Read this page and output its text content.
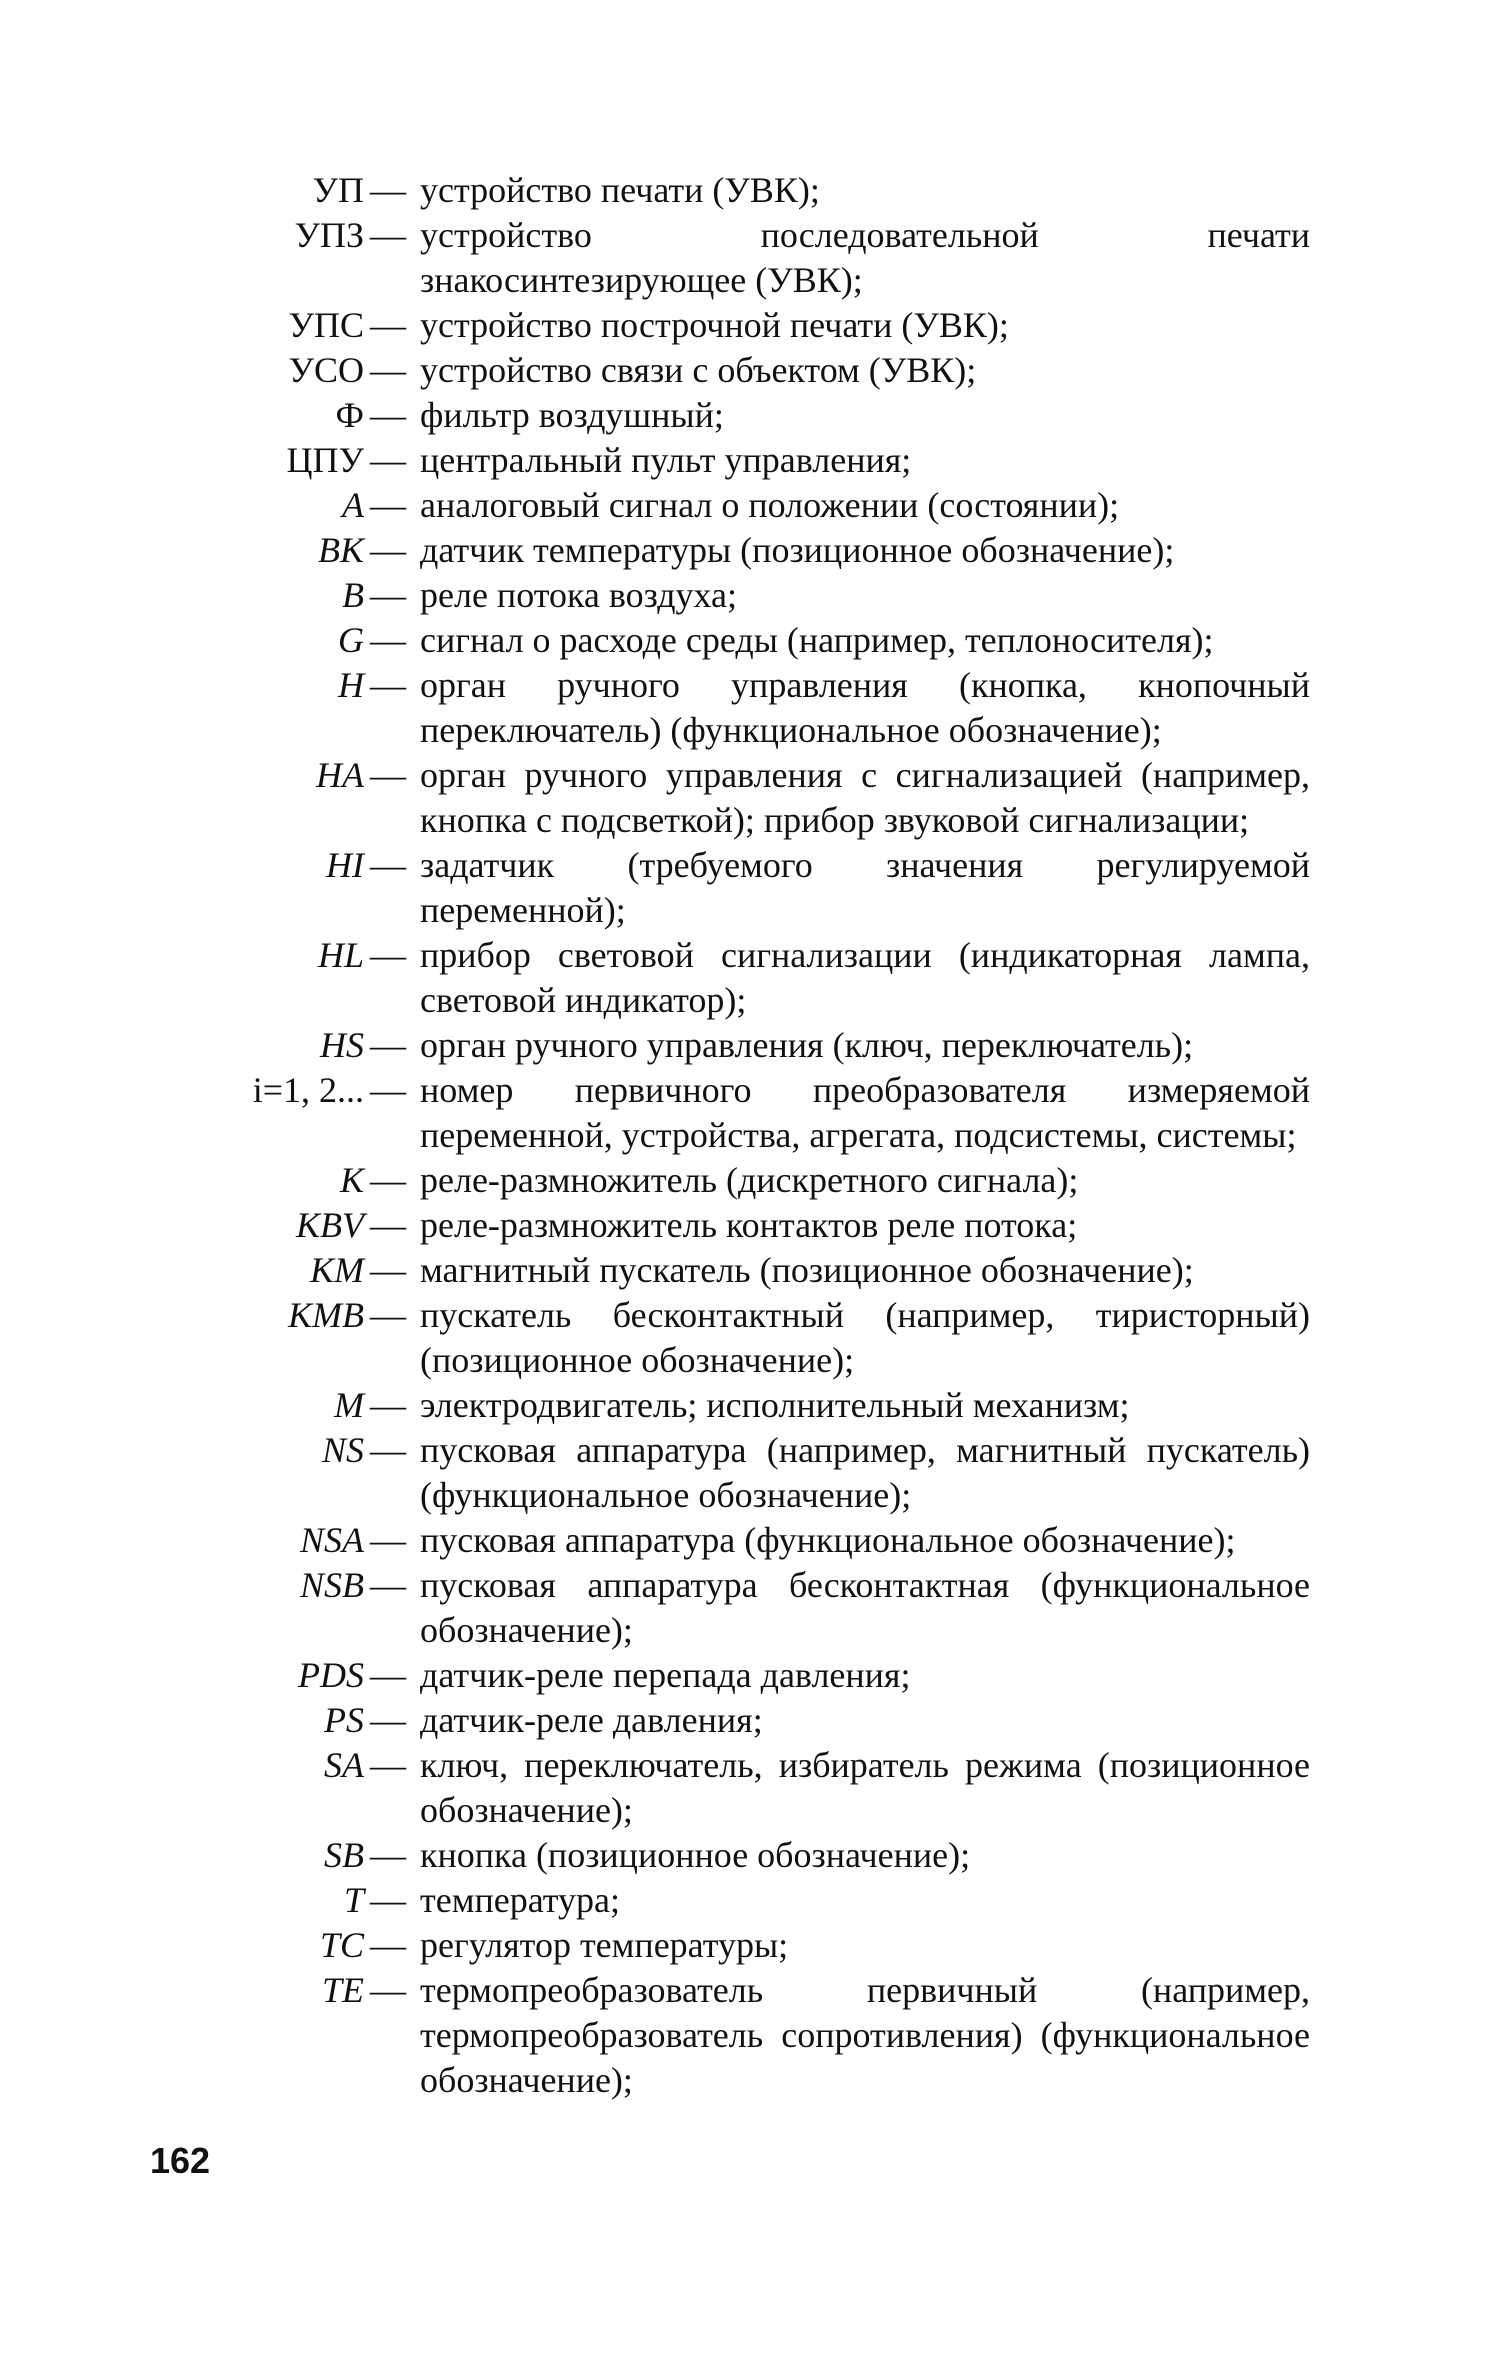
УП — устройство печати (УВК);
УПЗ — устройство последовательной печати знакосинтезирующее (УВК);
УПС — устройство построчной печати (УВК);
УСО — устройство связи с объектом (УВК);
Ф — фильтр воздушный;
ЦПУ — центральный пульт управления;
A — аналоговый сигнал о положении (состоянии);
BK — датчик температуры (позиционное обозначение);
B — реле потока воздуха;
G — сигнал о расходе среды (например, теплоносителя);
H — орган ручного управления (кнопка, кнопочный переключатель) (функциональное обозначение);
HA — орган ручного управления с сигнализацией (например, кнопка с подсветкой); прибор звуковой сигнализации;
HI — задатчик (требуемого значения регулируемой переменной);
HL — прибор световой сигнализации (индикаторная лампа, световой индикатор);
HS — орган ручного управления (ключ, переключатель);
i=1, 2... — номер первичного преобразователя измеряемой переменной, устройства, агрегата, подсистемы, системы;
K — реле-размножитель (дискретного сигнала);
KBV — реле-размножитель контактов реле потока;
KM — магнитный пускатель (позиционное обозначение);
KMB — пускатель бесконтактный (например, тиристорный) (позиционное обозначение);
M — электродвигатель; исполнительный механизм;
NS — пусковая аппаратура (например, магнитный пускатель) (функциональное обозначение);
NSA — пусковая аппаратура (функциональное обозначение);
NSB — пусковая аппаратура бесконтактная (функциональное обозначение);
PDS — датчик-реле перепада давления;
PS — датчик-реле давления;
SA — ключ, переключатель, избиратель режима (позиционное обозначение);
SB — кнопка (позиционное обозначение);
T — температура;
TC — регулятор температуры;
TE — термопреобразователь первичный (например, термопреобразователь сопротивления) (функциональное обозначение);
162
